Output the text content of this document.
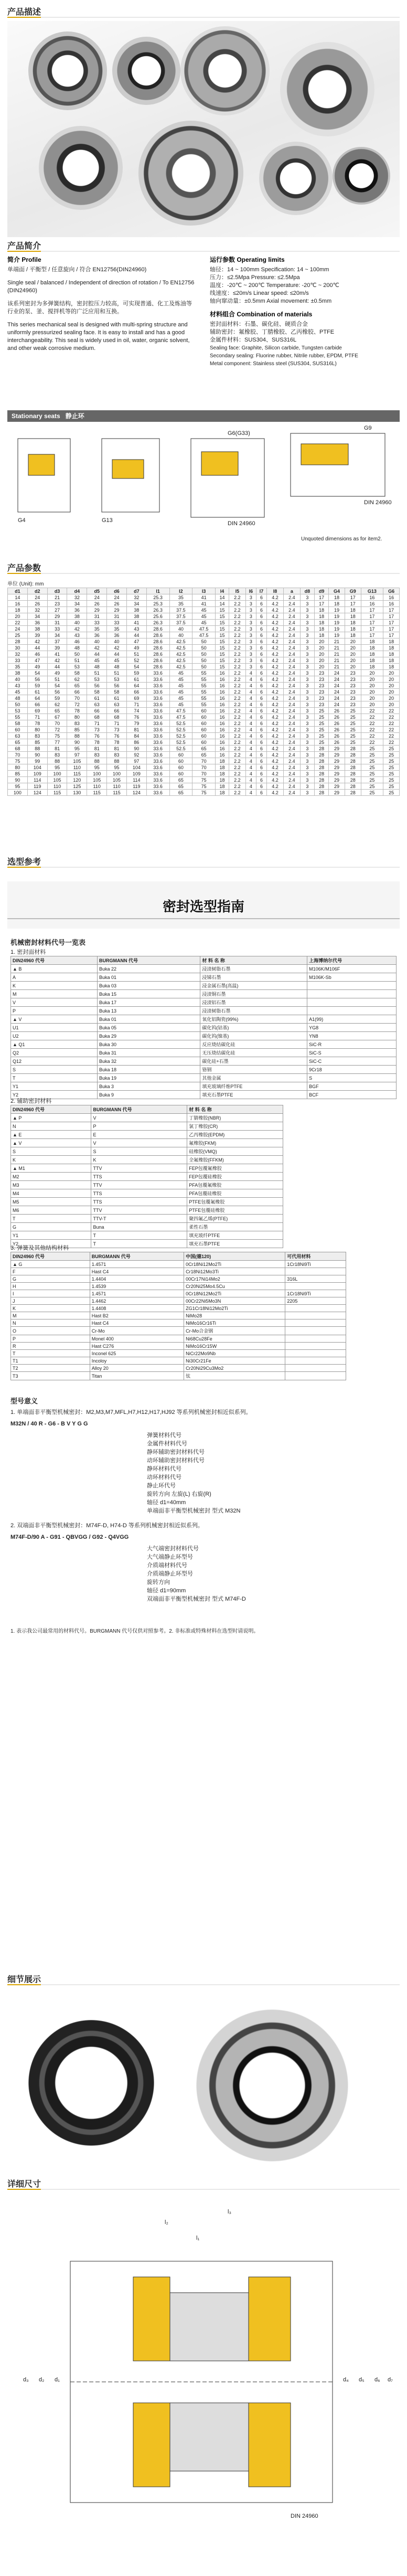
产品描述
产品简介
简介 Profile

单端面 / 平衡型 / 任意旋向 / 符合 EN12756(DIN24960)

Single seal / balanced / Independent of direction of rotation / To EN12756 (DIN24960)

该系列密封为多弹簧结构，密封腔压力较高，可实现普通、化工及炼油等行业的泵、釜、搅拌机等的广泛应用和互换。

This series mechanical seal is designed with multi-spring structure and uniformly pressurized sealing face. It is easy to install and has a good interchangeability. This seal is widely used in oil, water, organic solvent, and other weak corrosive medium.

运行参数 Operating limits
轴径：14 ~ 100mm Specification: 14 ~ 100mm
压力：≤2.5Mpa Pressure: ≤2.5Mpa
温度：-20℃ ~ 200℃ Temperature: -20℃ ~ 200℃
线速度：≤20m/s Linear speed: ≤20m/s
轴向窜动量：±0.5mm Axial movement: ±0.5mm
材料组合 Combination of materials
密封面材料：石墨、碳化硅、硬质合金
辅助密封：氟橡胶、丁腈橡胶、乙丙橡胶、PTFE
金属件材料：SUS304、SUS316L
Sealing face: Graphite, Silicon carbide, Tungsten carbide
Secondary sealing: Fluorine rubber, Nitrile rubber, EPDM, PTFE
Metal component: Stainless steel (SUS304, SUS316L)
Stationary seats 静止环
G4	G13
G6(G33)
DIN 24960
G9
DIN 24960
Unquoted dimensions as for item2.
产品参数
单位 (Unit): mm
d1	d2	d3	d4	d5	d6	d7	l1	l2	l3	l4	l5	l6	l7	l8	a	d8	d9	G4	G9	G13	G6
14	24	21	32	24	24	32	25.3	35	41	14	2.2	3	6	4.2	2.4	3	17	18	17	16	16
16	26	23	34	26	26	34	25.3	35	41	14	2.2	3	6	4.2	2.4	3	17	18	17	16	16
18	32	27	36	29	29	38	26.3	37.5	45	15	2.2	3	6	4.2	2.4	3	18	19	18	17	17
20	34	29	38	31	31	38	25.6	37.5	45	15	2.2	3	6	4.2	2.4	3	18	19	18	17	17
22	36	31	40	33	33	41	26.3	37.5	45	15	2.2	3	6	4.2	2.4	3	18	19	18	17	17
24	38	33	42	35	35	43	28.6	40	47.5	15	2.2	3	6	4.2	2.4	3	18	19	18	17	17
25	39	34	43	36	36	44	28.6	40	47.5	15	2.2	3	6	4.2	2.4	3	18	19	18	17	17
28	42	37	46	40	40	47	28.6	42.5	50	15	2.2	3	6	4.2	2.4	3	20	21	20	18	18
30	44	39	48	42	42	49	28.6	42.5	50	15	2.2	3	6	4.2	2.4	3	20	21	20	18	18
32	46	41	50	44	44	51	28.6	42.5	50	15	2.2	3	6	4.2	2.4	3	20	21	20	18	18
33	47	42	51	45	45	52	28.6	42.5	50	15	2.2	3	6	4.2	2.4	3	20	21	20	18	18
35	49	44	53	48	48	54	28.6	42.5	50	15	2.2	3	6	4.2	2.4	3	20	21	20	18	18
38	54	49	58	51	51	59	33.6	45	55	16	2.2	4	6	4.2	2.4	3	23	24	23	20	20
40	56	51	62	53	53	61	33.6	45	55	16	2.2	4	6	4.2	2.4	3	23	24	23	20	20
43	59	54	65	56	56	64	33.6	45	55	16	2.2	4	6	4.2	2.4	3	23	24	23	20	20
45	61	56	66	58	58	66	33.6	45	55	16	2.2	4	6	4.2	2.4	3	23	24	23	20	20
48	64	59	70	61	61	69	33.6	45	55	16	2.2	4	6	4.2	2.4	3	23	24	23	20	20
50	66	62	72	63	63	71	33.6	45	55	16	2.2	4	6	4.2	2.4	3	23	24	23	20	20
53	69	65	78	66	66	74	33.6	47.5	60	16	2.2	4	6	4.2	2.4	3	25	26	25	22	22
55	71	67	80	68	68	76	33.6	47.5	60	16	2.2	4	6	4.2	2.4	3	25	26	25	22	22
58	78	70	83	71	71	79	33.6	52.5	60	16	2.2	4	6	4.2	2.4	3	25	26	25	22	22
60	80	72	85	73	73	81	33.6	52.5	60	16	2.2	4	6	4.2	2.4	3	25	26	25	22	22
63	83	75	88	76	76	84	33.6	52.5	60	16	2.2	4	6	4.2	2.4	3	25	26	25	22	22
65	85	77	90	78	78	86	33.6	52.5	60	16	2.2	4	6	4.2	2.4	3	25	26	25	22	22
68	88	81	95	81	81	90	33.6	52.5	65	16	2.2	4	6	4.2	2.4	3	28	29	28	25	25
70	90	83	97	83	83	92	33.6	60	65	16	2.2	4	6	4.2	2.4	3	28	29	28	25	25
75	99	88	105	88	88	97	33.6	60	70	18	2.2	4	6	4.2	2.4	3	28	29	28	25	25
80	104	95	110	95	95	104	33.6	60	70	18	2.2	4	6	4.2	2.4	3	28	29	28	25	25
85	109	100	115	100	100	109	33.6	60	70	18	2.2	4	6	4.2	2.4	3	28	29	28	25	25
90	114	105	120	105	105	114	33.6	65	75	18	2.2	4	6	4.2	2.4	3	28	29	28	25	25
95	119	110	125	110	110	119	33.6	65	75	18	2.2	4	6	4.2	2.4	3	28	29	28	25	25
100	124	115	130	115	115	124	33.6	65	75	18	2.2	4	6	4.2	2.4	3	28	29	28	25	25
选型参考
密封选型指南
机械密封材料代号一览表
1. 密封面材料
DIN24960 代号	BURGMANN 代号	材 料 名 称	上海博纳尔代号
▲ B	Buka 22	浸渍树脂石墨	M106K/M106F
A	Buka 01	浸锑石墨	M106K-Sb
K	Buka 03	浸金属石墨(高温)	
M	Buka 15	浸渍铜石墨	
V	Buka 17	浸渍铝石墨	
P	Buka 13	浸渍树脂石墨	
▲ V	Buka 01	氧化铝陶瓷(99%)	A1(99)
U1	Buka 05	碳化钨(钴基)	YG8
U2	Buka 29	碳化钨(镍基)	YN8
▲ Q1	Buka 30	反应烧结碳化硅	SiC-R
Q2	Buka 31	无压烧结碳化硅	SiC-S
Q12	Buka 32	碳化硅+石墨	SiC-C
S	Buka 18	铬钢	9Cr18
T	Buka 19	其他金属	S
Y1	Buka 3	填充玻璃纤维PTFE	BGF
Y2	Buka 9	填充石墨PTFE	BCF
2. 辅助密封材料
DIN24960 代号	BURGMANN 代号	材 料 名 称
▲ P	V	丁腈橡胶(NBR)
N	P	氯丁橡胶(CR)
▲ E	E	乙丙橡胶(EPDM)
▲ V	V	氟橡胶(FKM)
S	S	硅橡胶(VMQ)
K	K	全氟橡胶(FFKM)
▲ M1	TTV	FEP包覆氟橡胶
M2	TTS	FEP包覆硅橡胶
M3	TTV	PFA包覆氟橡胶
M4	TTS	PFA包覆硅橡胶
M5	TTS	PTFE包覆氟橡胶
M6	TTV	PTFE包覆硅橡胶
T	TTV-T	聚四氟乙烯(PTFE)
G	Buna	柔性石墨
Y1	T	填充玻纤PTFE
Y2	T	填充石墨PTFE
3. 弹簧及其他结构材料
DIN24960 代号	BURGMANN 代号	中国(德120)	可代用材料
▲ G	1.4571	0Cr18Ni12Mo2Ti	1Cr18Ni9Ti
F	Hast C4	Cr18Ni12Mo3Ti	
G	1.4404	00Cr17Ni14Mo2	316L
H	1.4539	Cr20Ni25Mo4.5Cu	
I	1.4571	0Cr18Ni12Mo2Ti	1Cr18Ni9Ti
J	1.4462	00Cr22Ni5Mo3N	2205
K	1.4408	ZG1Cr18Ni12Mo2Ti	
M	Hast B2	NiMo28	
N	Hast C4	NiMo16Cr16Ti	
O	Cr-Mo	Cr-Mo合金钢	
P	Monel 400	Ni68Cu28Fe	
R	Hast C276	NiMo16Cr15W	
T	Inconel 625	NiCr22Mo9Nb	
T1	Incoloy	Ni30Cr21Fe	
T2	Alloy 20	Cr20Ni29Cu3Mo2	
T3	Titan	钛	
型号意义
1. 单端面非平衡型机械密封：M2,M3,M7,MFL,H7,H12,H17,HJ92 等系列机械密封相近似系列。
M32N / 40 R - G6 - B V Y G G
弹簧材料代号
金属件材料代号
静环辅助密封材料代号
动环辅助密封材料代号
静环材料代号
动环材料代号
静止环代号
旋转方向 左旋(L) 右旋(R)
轴径 d1=40mm
单端面非平衡型机械密封 型式 M32N
2. 双端面非平衡型机械密封：M74F-D, H74-D 等系列机械密封相近似系列。
M74F-D/90 A - G91 - QBVGG / G92 - Q4VGG
大气端密封材料代号
大气端静止环型号
介质端材料代号
介质端静止环型号
旋转方向
轴径 d1=90mm
双端面非平衡型机械密封 型式 M74F-D
1. 表示我公司最常用的材料代号。BURGMANN 代号仅供对照参考。2. 非标准或特殊材料在选型时请说明。
细节展示
详细尺寸
l₁
l₂
l₃
d₁
d₂
d₃	d₄ d₅ d₆ d₇
DIN 24960
